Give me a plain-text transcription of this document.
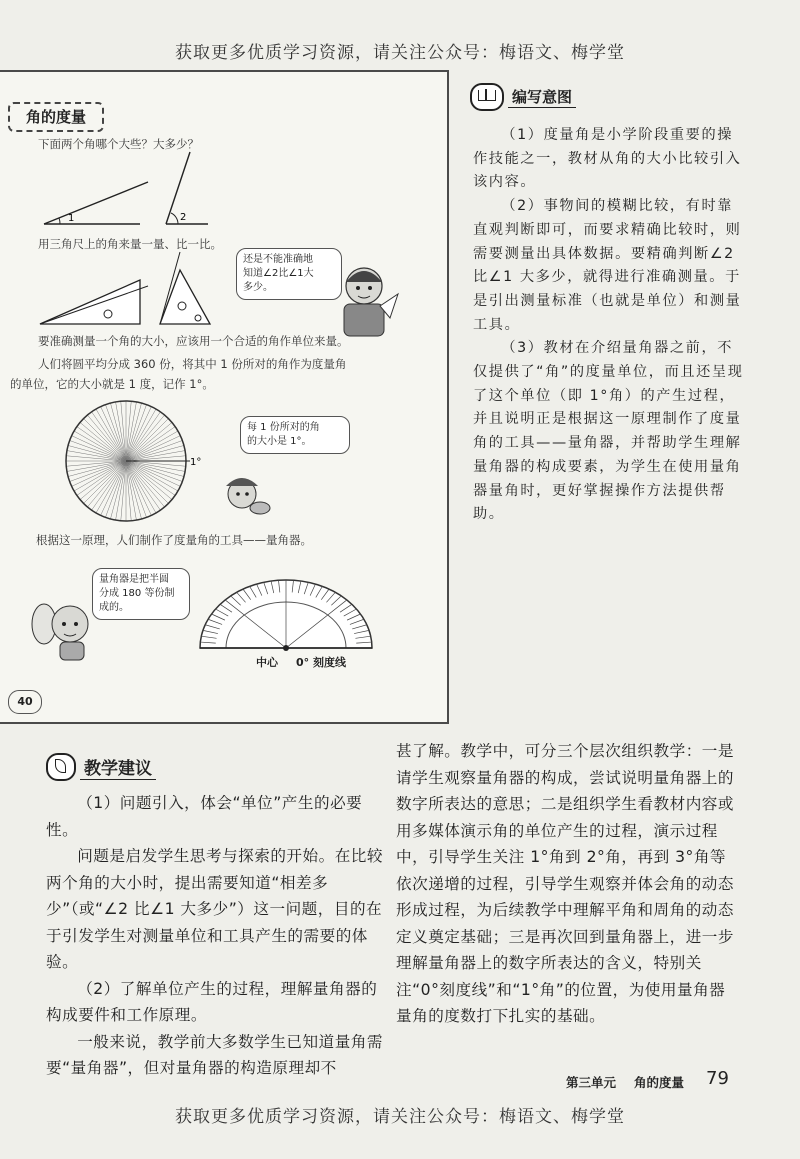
获取更多优质学习资源，请关注公众号：梅语文、梅学堂
角的度量
下面两个角哪个大些？大多少？
1	2
用三角尺上的角来量一量、比一比。
还是不能准确地
知道∠2比∠1大
多少。
要准确测量一个角的大小，应该用一个合适的角作单位来量。
人们将圆平均分成 360 份，将其中 1 份所对的角作为度量角
的单位，它的大小就是 1 度，记作 1°。
1°
每 1 份所对的角
的大小是 1°。
根据这一原理，人们制作了度量角的工具——量角器。
量角器是把半圆
分成 180 等份制
成的。
中心 0° 刻度线
40
编写意图

（1）度量角是小学阶段重要的操作技能之一，教材从角的大小比较引入该内容。

（2）事物间的模糊比较，有时靠直观判断即可，而要求精确比较时，则需要测量出具体数据。要精确判断∠2 比∠1 大多少，就得进行准确测量。于是引出测量标准（也就是单位）和测量工具。

（3）教材在介绍量角器之前，不仅提供了“角”的度量单位，而且还呈现了这个单位（即 1°角）的产生过程，并且说明正是根据这一原理制作了度量角的工具——量角器，并帮助学生理解量角器的构成要素，为学生在使用量角器量角时，更好掌握操作方法提供帮助。

教学建议

（1）问题引入，体会“单位”产生的必要性。

问题是启发学生思考与探索的开始。在比较两个角的大小时，提出需要知道“相差多少”（或“∠2 比∠1 大多少”）这一问题，目的在于引发学生对测量单位和工具产生的需要的体验。

（2）了解单位产生的过程，理解量角器的构成要件和工作原理。

一般来说，教学前大多数学生已知道量角需要“量角器”，但对量角器的构造原理却不

甚了解。教学中，可分三个层次组织教学：一是请学生观察量角器的构成，尝试说明量角器上的数字所表达的意思；二是组织学生看教材内容或用多媒体演示角的单位产生的过程，演示过程中，引导学生关注 1°角到 2°角，再到 3°角等依次递增的过程，引导学生观察并体会角的动态形成过程，为后续教学中理解平角和周角的动态定义奠定基础；三是再次回到量角器上，进一步理解量角器上的数字所表达的含义，特别关注“0°刻度线”和“1°角”的位置，为使用量角器量角的度数打下扎实的基础。

第三单元 角的度量 79
获取更多优质学习资源，请关注公众号：梅语文、梅学堂
